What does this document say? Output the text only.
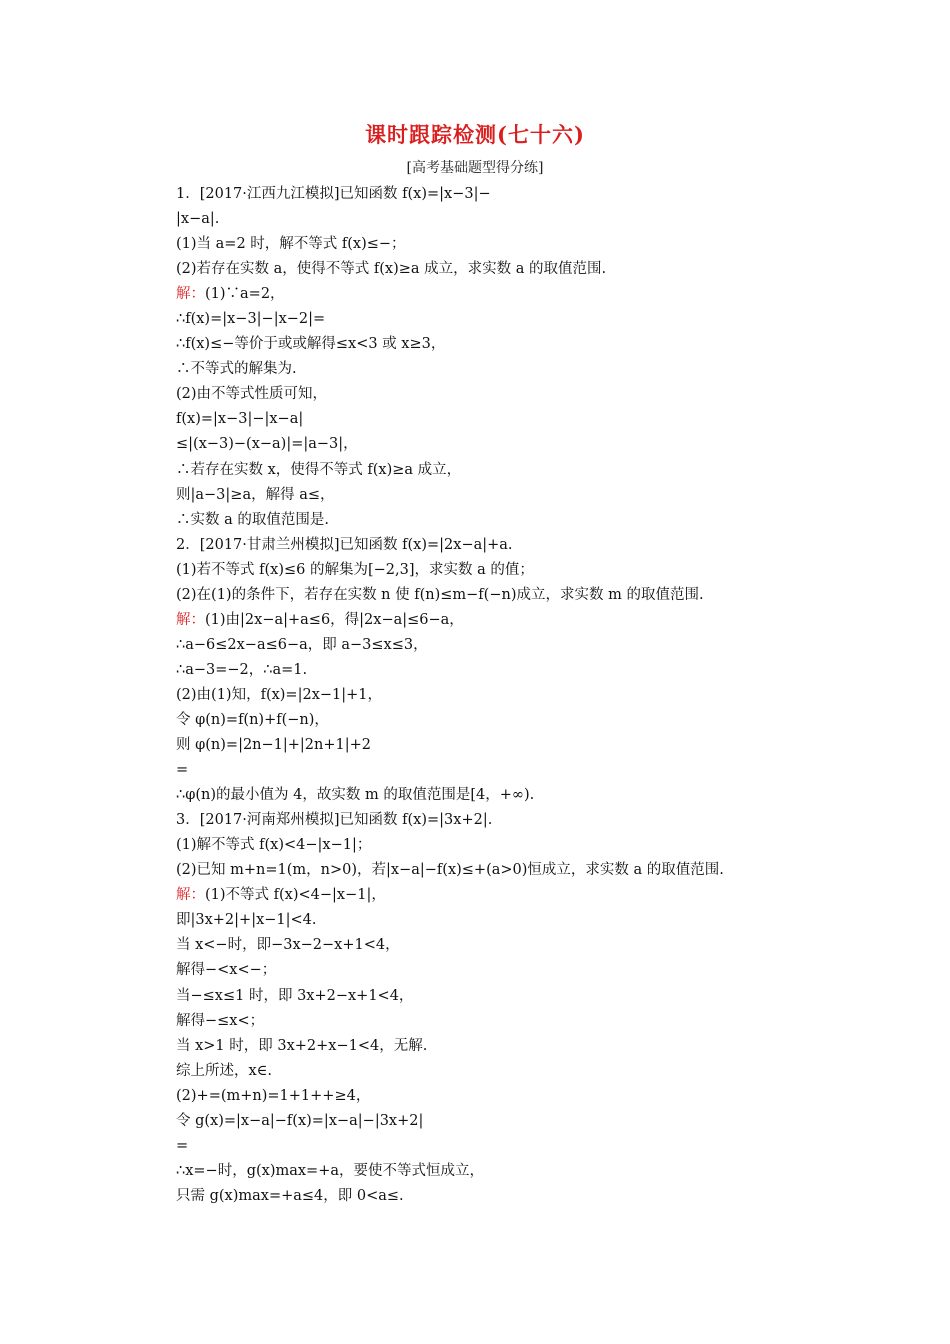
课时跟踪检测(七十六)
[高考基础题型得分练]
1．[2017·江西九江模拟]已知函数 f(x)=|x−3|−
|x−a|.
(1)当 a=2 时，解不等式 f(x)≤−；
(2)若存在实数 a，使得不等式 f(x)≥a 成立，求实数 a 的取值范围.
解：(1)∵a=2，
∴f(x)=|x−3|−|x−2|=
∴f(x)≤−等价于或或解得≤x<3 或 x≥3，
∴不等式的解集为.
(2)由不等式性质可知，
f(x)=|x−3|−|x−a|
≤|(x−3)−(x−a)|=|a−3|，
∴若存在实数 x，使得不等式 f(x)≥a 成立，
则|a−3|≥a，解得 a≤，
∴实数 a 的取值范围是.
2．[2017·甘肃兰州模拟]已知函数 f(x)=|2x−a|+a.
(1)若不等式 f(x)≤6 的解集为[−2,3]，求实数 a 的值；
(2)在(1)的条件下，若存在实数 n 使 f(n)≤m−f(−n)成立，求实数 m 的取值范围.
解：(1)由|2x−a|+a≤6，得|2x−a|≤6−a，
∴a−6≤2x−a≤6−a，即 a−3≤x≤3，
∴a−3=−2，∴a=1.
(2)由(1)知，f(x)=|2x−1|+1，
令 φ(n)=f(n)+f(−n)，
则 φ(n)=|2n−1|+|2n+1|+2
=
∴φ(n)的最小值为 4，故实数 m 的取值范围是[4，+∞).
3．[2017·河南郑州模拟]已知函数 f(x)=|3x+2|.
(1)解不等式 f(x)<4−|x−1|；
(2)已知 m+n=1(m，n>0)，若|x−a|−f(x)≤+(a>0)恒成立，求实数 a 的取值范围.
解：(1)不等式 f(x)<4−|x−1|，
即|3x+2|+|x−1|<4.
当 x<−时，即−3x−2−x+1<4，
解得−<x<−；
当−≤x≤1 时，即 3x+2−x+1<4，
解得−≤x<；
当 x>1 时，即 3x+2+x−1<4，无解.
综上所述，x∈.
(2)+=(m+n)=1+1++≥4，
令 g(x)=|x−a|−f(x)=|x−a|−|3x+2|
=
∴x=−时，g(x)max=+a，要使不等式恒成立，
只需 g(x)max=+a≤4，即 0<a≤.
